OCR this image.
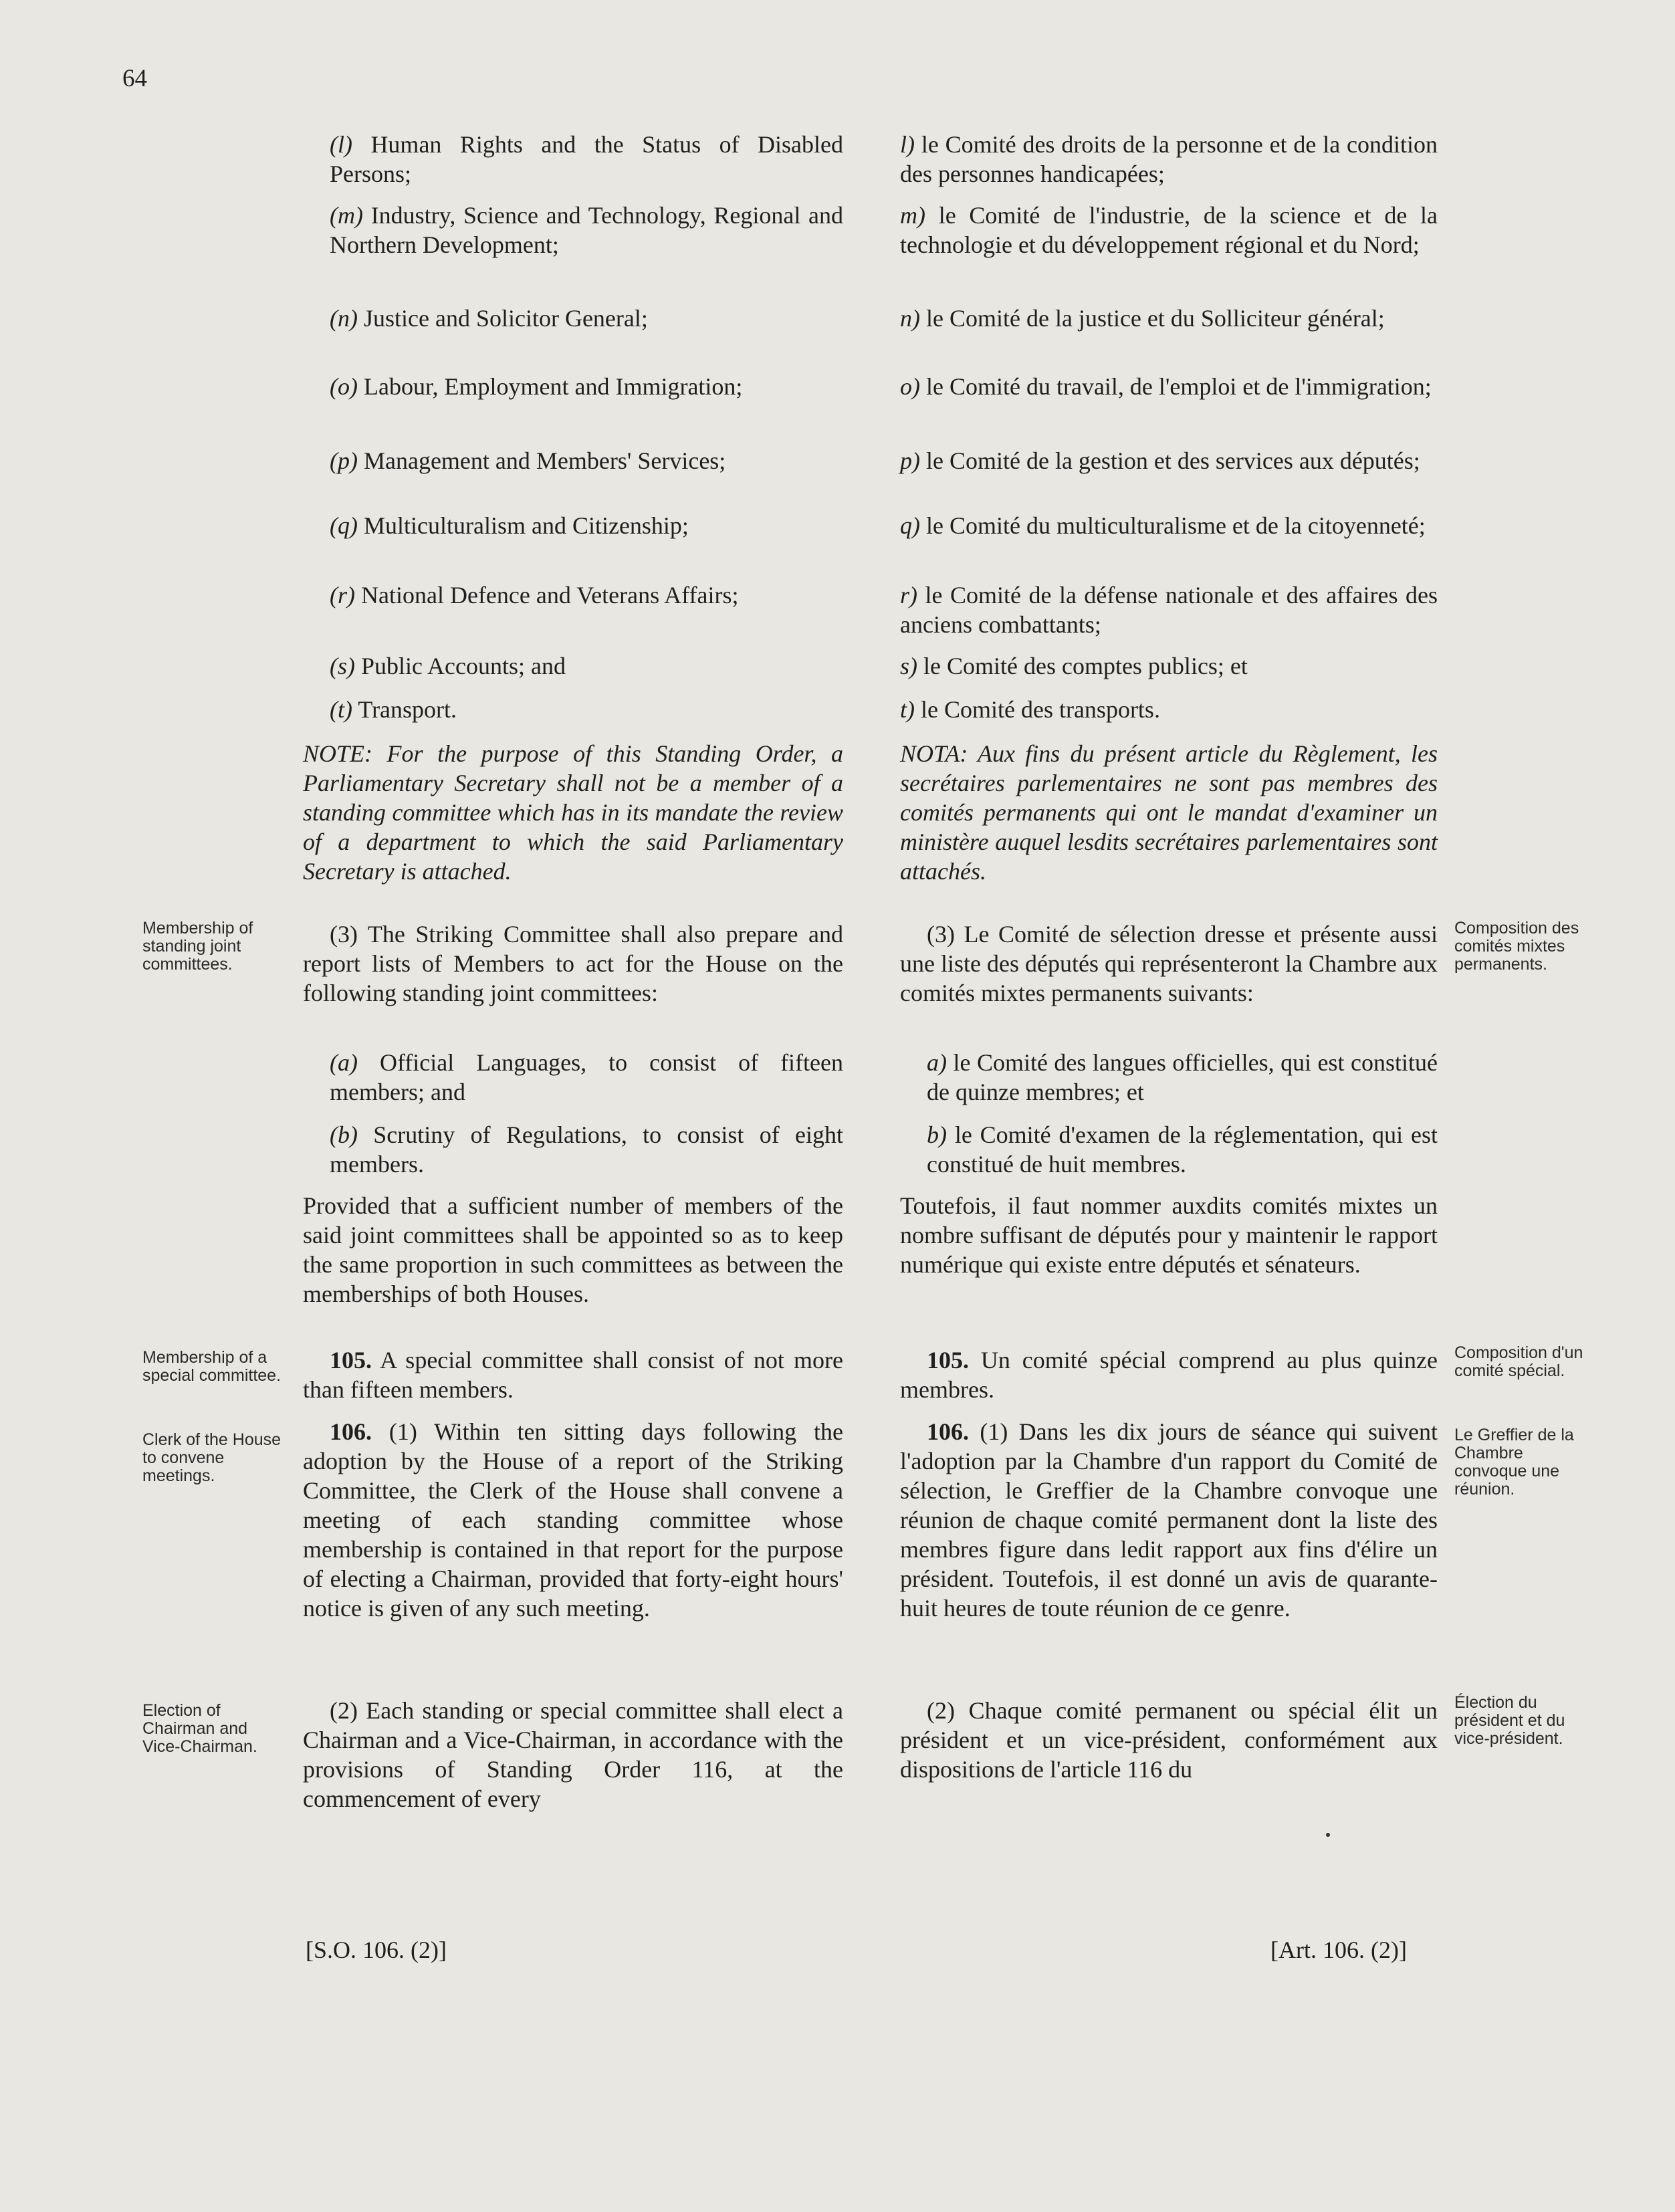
64
(l) Human Rights and the Status of Disabled Persons;
(m) Industry, Science and Technology, Regional and Northern Development;
(n) Justice and Solicitor General;
(o) Labour, Employment and Immigration;
(p) Management and Members' Services;
(q) Multiculturalism and Citizenship;
(r) National Defence and Veterans Affairs;
(s) Public Accounts; and
(t) Transport.
NOTE: For the purpose of this Standing Order, a Parliamentary Secretary shall not be a member of a standing committee which has in its mandate the review of a department to which the said Parliamentary Secretary is attached.
(3) The Striking Committee shall also prepare and report lists of Members to act for the House on the following standing joint committees:
(a) Official Languages, to consist of fifteen members; and
(b) Scrutiny of Regulations, to consist of eight members.
Provided that a sufficient number of members of the said joint committees shall be appointed so as to keep the same proportion in such committees as between the memberships of both Houses.
105. A special committee shall consist of not more than fifteen members.
106. (1) Within ten sitting days following the adoption by the House of a report of the Striking Committee, the Clerk of the House shall convene a meeting of each standing committee whose membership is contained in that report for the purpose of electing a Chairman, provided that forty-eight hours' notice is given of any such meeting.
(2) Each standing or special committee shall elect a Chairman and a Vice-Chairman, in accordance with the provisions of Standing Order 116, at the commencement of every
l) le Comité des droits de la personne et de la condition des personnes handicapées;
m) le Comité de l'industrie, de la science et de la technologie et du développement régional et du Nord;
n) le Comité de la justice et du Solliciteur général;
o) le Comité du travail, de l'emploi et de l'immigration;
p) le Comité de la gestion et des services aux députés;
q) le Comité du multiculturalisme et de la citoyenneté;
r) le Comité de la défense nationale et des affaires des anciens combattants;
s) le Comité des comptes publics; et
t) le Comité des transports.
NOTA: Aux fins du présent article du Règlement, les secrétaires parlementaires ne sont pas membres des comités permanents qui ont le mandat d'examiner un ministère auquel lesdits secrétaires parlementaires sont attachés.
(3) Le Comité de sélection dresse et présente aussi une liste des députés qui représenteront la Chambre aux comités mixtes permanents suivants:
a) le Comité des langues officielles, qui est constitué de quinze membres; et
b) le Comité d'examen de la réglementation, qui est constitué de huit membres.
Toutefois, il faut nommer auxdits comités mixtes un nombre suffisant de députés pour y maintenir le rapport numérique qui existe entre députés et sénateurs.
105. Un comité spécial comprend au plus quinze membres.
106. (1) Dans les dix jours de séance qui suivent l'adoption par la Chambre d'un rapport du Comité de sélection, le Greffier de la Chambre convoque une réunion de chaque comité permanent dont la liste des membres figure dans ledit rapport aux fins d'élire un président. Toutefois, il est donné un avis de quarante-huit heures de toute réunion de ce genre.
(2) Chaque comité permanent ou spécial élit un président et un vice-président, conformément aux dispositions de l'article 116 du
Membership of standing joint committees.
Membership of a special committee.
Clerk of the House to convene meetings.
Election of Chairman and Vice-Chairman.
Composition des comités mixtes permanents.
Composition d'un comité spécial.
Le Greffier de la Chambre convoque une réunion.
Élection du président et du vice-président.
[S.O. 106. (2)]	[Art. 106. (2)]
